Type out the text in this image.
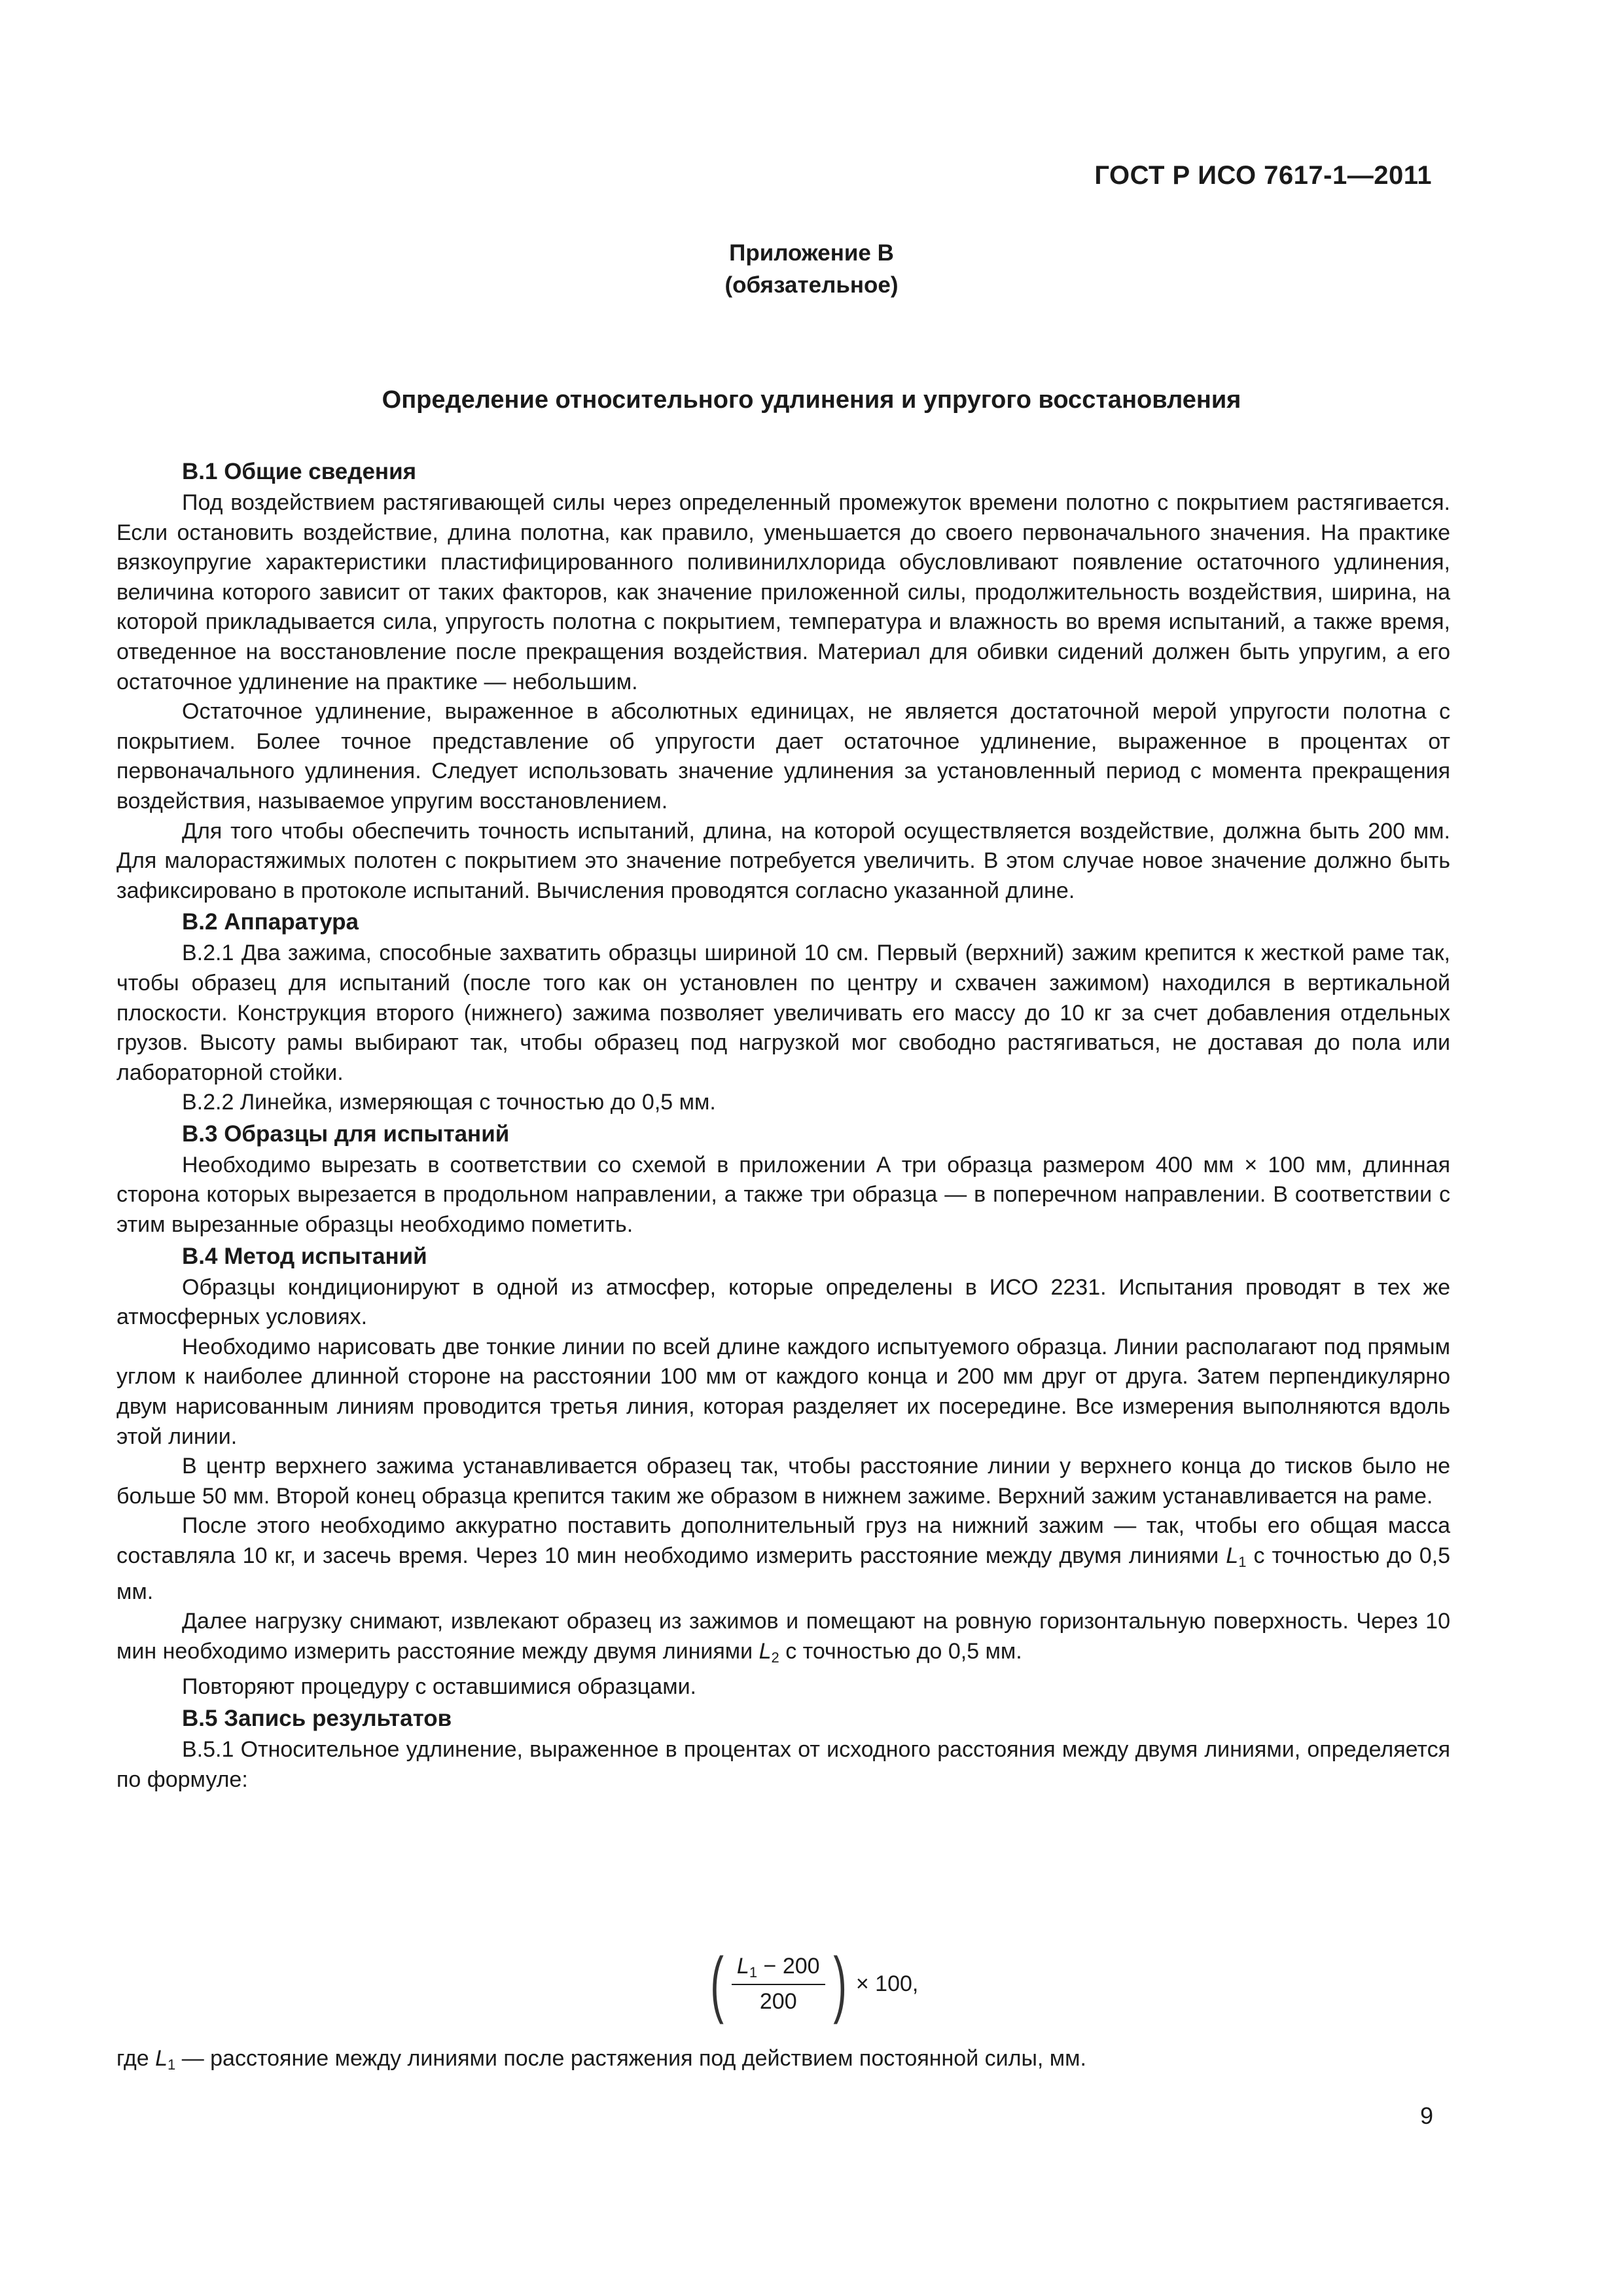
ГОСТ Р ИСО 7617-1—2011
Приложение В
(обязательное)
Определение относительного удлинения и упругого восстановления
В.1 Общие сведения

Под воздействием растягивающей силы через определенный промежуток времени полотно с покрытием растягивается. Если остановить воздействие, длина полотна, как правило, уменьшается до своего первоначального значения. На практике вязкоупругие характеристики пластифицированного поливинилхлорида обусловливают появление остаточного удлинения, величина которого зависит от таких факторов, как значение приложенной силы, продолжительность воздействия, ширина, на которой прикладывается сила, упругость полотна с покрытием, температура и влажность во время испытаний, а также время, отведенное на восстановление после прекращения воздействия. Материал для обивки сидений должен быть упругим, а его остаточное удлинение на практике — небольшим.

Остаточное удлинение, выраженное в абсолютных единицах, не является достаточной мерой упругости полотна с покрытием. Более точное представление об упругости дает остаточное удлинение, выраженное в процентах от первоначального удлинения. Следует использовать значение удлинения за установленный период с момента прекращения воздействия, называемое упругим восстановлением.

Для того чтобы обеспечить точность испытаний, длина, на которой осуществляется воздействие, должна быть 200 мм. Для малорастяжимых полотен с покрытием это значение потребуется увеличить. В этом случае новое значение должно быть зафиксировано в протоколе испытаний. Вычисления проводятся согласно указанной длине.

В.2 Аппаратура

В.2.1 Два зажима, способные захватить образцы шириной 10 см. Первый (верхний) зажим крепится к жесткой раме так, чтобы образец для испытаний (после того как он установлен по центру и схвачен зажимом) находился в вертикальной плоскости. Конструкция второго (нижнего) зажима позволяет увеличивать его массу до 10 кг за счет добавления отдельных грузов. Высоту рамы выбирают так, чтобы образец под нагрузкой мог свободно растягиваться, не доставая до пола или лабораторной стойки.

В.2.2 Линейка, измеряющая с точностью до 0,5 мм.

В.3 Образцы для испытаний

Необходимо вырезать в соответствии со схемой в приложении А три образца размером 400 мм × 100 мм, длинная сторона которых вырезается в продольном направлении, а также три образца — в поперечном направлении. В соответствии с этим вырезанные образцы необходимо пометить.

В.4 Метод испытаний

Образцы кондиционируют в одной из атмосфер, которые определены в ИСО 2231. Испытания проводят в тех же атмосферных условиях.

Необходимо нарисовать две тонкие линии по всей длине каждого испытуемого образца. Линии располагают под прямым углом к наиболее длинной стороне на расстоянии 100 мм от каждого конца и 200 мм друг от друга. Затем перпендикулярно двум нарисованным линиям проводится третья линия, которая разделяет их посередине. Все измерения выполняются вдоль этой линии.

В центр верхнего зажима устанавливается образец так, чтобы расстояние линии у верхнего конца до тисков было не больше 50 мм. Второй конец образца крепится таким же образом в нижнем зажиме. Верхний зажим устанавливается на раме.

После этого необходимо аккуратно поставить дополнительный груз на нижний зажим — так, чтобы его общая масса составляла 10 кг, и засечь время. Через 10 мин необходимо измерить расстояние между двумя линиями $L_1$ с точностью до 0,5 мм.

Далее нагрузку снимают, извлекают образец из зажимов и помещают на ровную горизонтальную поверхность. Через 10 мин необходимо измерить расстояние между двумя линиями $L_2$ с точностью до 0,5 мм.

Повторяют процедуру с оставшимися образцами.

В.5 Запись результатов

В.5.1 Относительное удлинение, выраженное в процентах от исходного расстояния между двумя линиями, определяется по формуле:

( $\frac{L_1 - 200}{200}$ ) × 100,
где $L_1$ — расстояние между линиями после растяжения под действием постоянной силы, мм.
9
